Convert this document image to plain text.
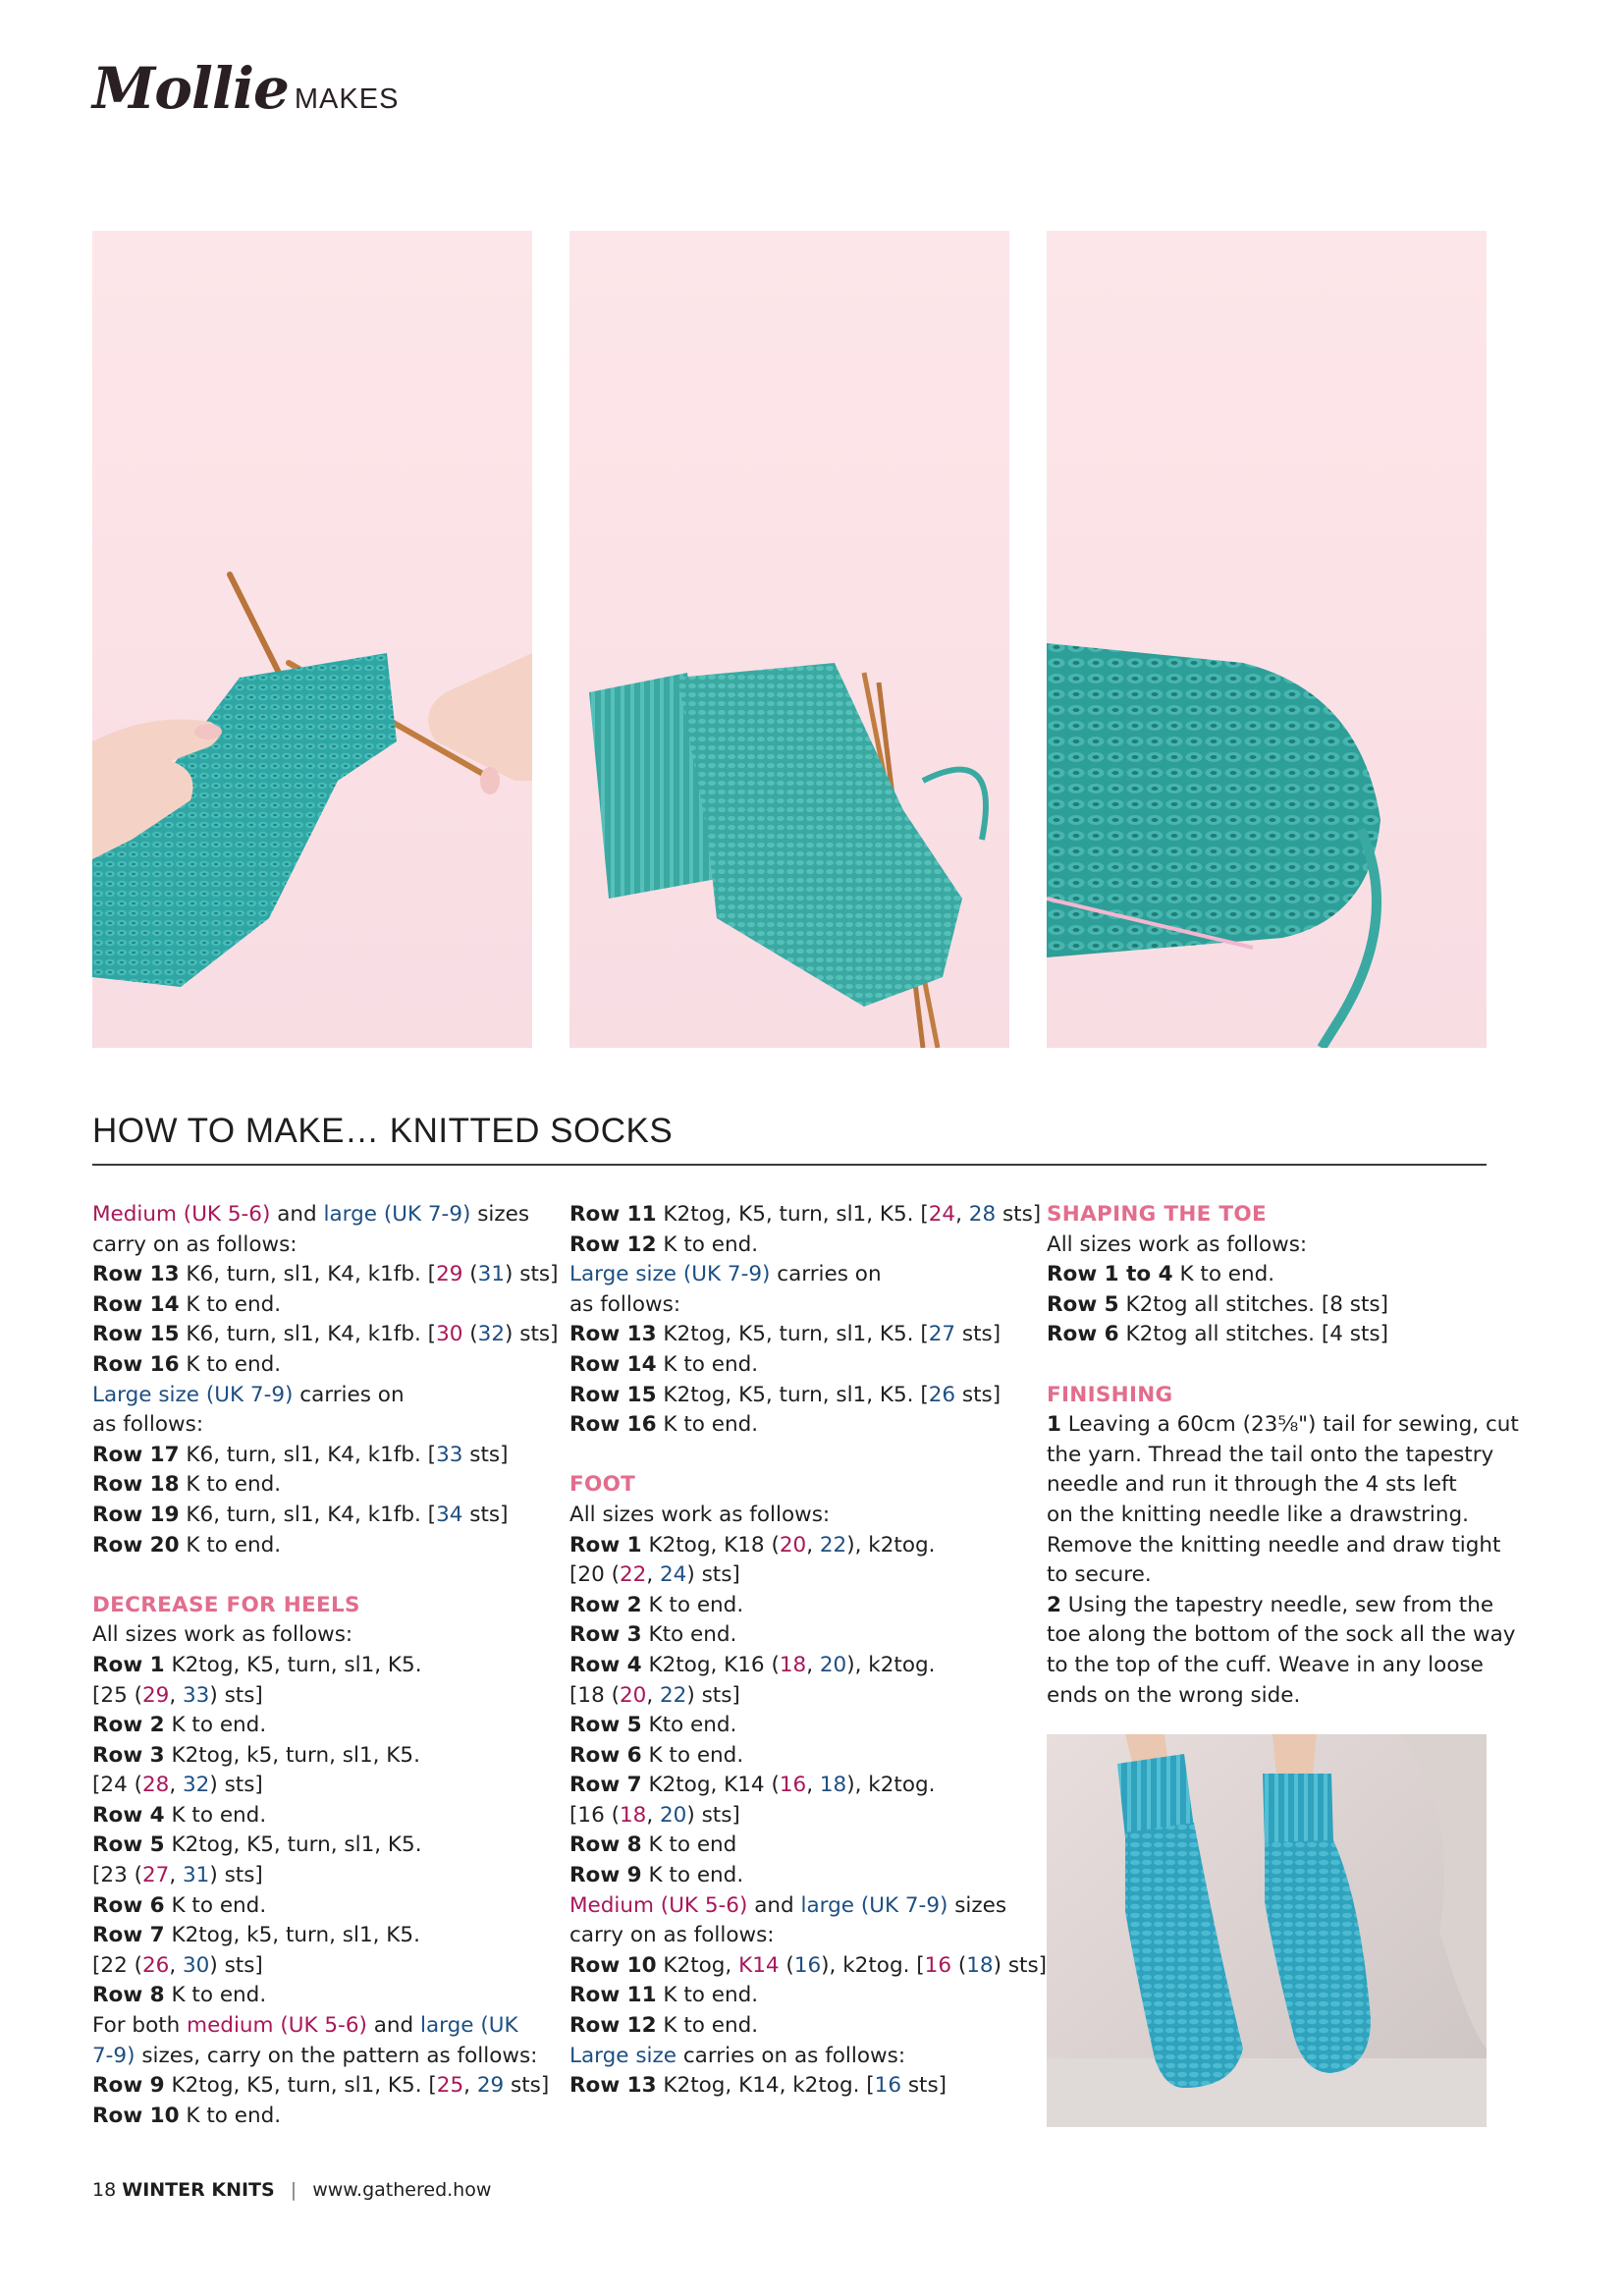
Mollie MAKES
HOW TO MAKE… KNITTED SOCKS
Medium (UK 5-6) and large (UK 7-9) sizes
carry on as follows:
Row 13 K6, turn, sl1, K4, k1fb. [29 (31) sts]
Row 14 K to end.
Row 15 K6, turn, sl1, K4, k1fb. [30 (32) sts]
Row 16 K to end.
Large size (UK 7-9) carries on
as follows:
Row 17 K6, turn, sl1, K4, k1fb. [33 sts]
Row 18 K to end.
Row 19 K6, turn, sl1, K4, k1fb. [34 sts]
Row 20 K to end.
DECREASE FOR HEELS
All sizes work as follows:
Row 1 K2tog, K5, turn, sl1, K5.
[25 (29, 33) sts]
Row 2 K to end.
Row 3 K2tog, k5, turn, sl1, K5.
[24 (28, 32) sts]
Row 4 K to end.
Row 5 K2tog, K5, turn, sl1, K5.
[23 (27, 31) sts]
Row 6 K to end.
Row 7 K2tog, k5, turn, sl1, K5.
[22 (26, 30) sts]
Row 8 K to end.
For both medium (UK 5-6) and large (UK
7-9) sizes, carry on the pattern as follows:
Row 9 K2tog, K5, turn, sl1, K5. [25, 29 sts]
Row 10 K to end.
Row 11 K2tog, K5, turn, sl1, K5. [24, 28 sts]
Row 12 K to end.
Large size (UK 7-9) carries on
as follows:
Row 13 K2tog, K5, turn, sl1, K5. [27 sts]
Row 14 K to end.
Row 15 K2tog, K5, turn, sl1, K5. [26 sts]
Row 16 K to end.
FOOT
All sizes work as follows:
Row 1 K2tog, K18 (20, 22), k2tog.
[20 (22, 24) sts]
Row 2 K to end.
Row 3 Kto end.
Row 4 K2tog, K16 (18, 20), k2tog.
[18 (20, 22) sts]
Row 5 Kto end.
Row 6 K to end.
Row 7 K2tog, K14 (16, 18), k2tog.
[16 (18, 20) sts]
Row 8 K to end
Row 9 K to end.
Medium (UK 5-6) and large (UK 7-9) sizes
carry on as follows:
Row 10 K2tog, K14 (16), k2tog. [16 (18) sts]
Row 11 K to end.
Row 12 K to end.
Large size carries on as follows:
Row 13 K2tog, K14, k2tog. [16 sts]
SHAPING THE TOE
All sizes work as follows:
Row 1 to 4 K to end.
Row 5 K2tog all stitches. [8 sts]
Row 6 K2tog all stitches. [4 sts]
FINISHING
1 Leaving a 60cm (23⅝") tail for sewing, cut
the yarn. Thread the tail onto the tapestry
needle and run it through the 4 sts left
on the knitting needle like a drawstring.
Remove the knitting needle and draw tight
to secure.
2 Using the tapestry needle, sew from the
toe along the bottom of the sock all the way
to the top of the cuff. Weave in any loose
ends on the wrong side.
18 WINTER KNITS | www.gathered.how
